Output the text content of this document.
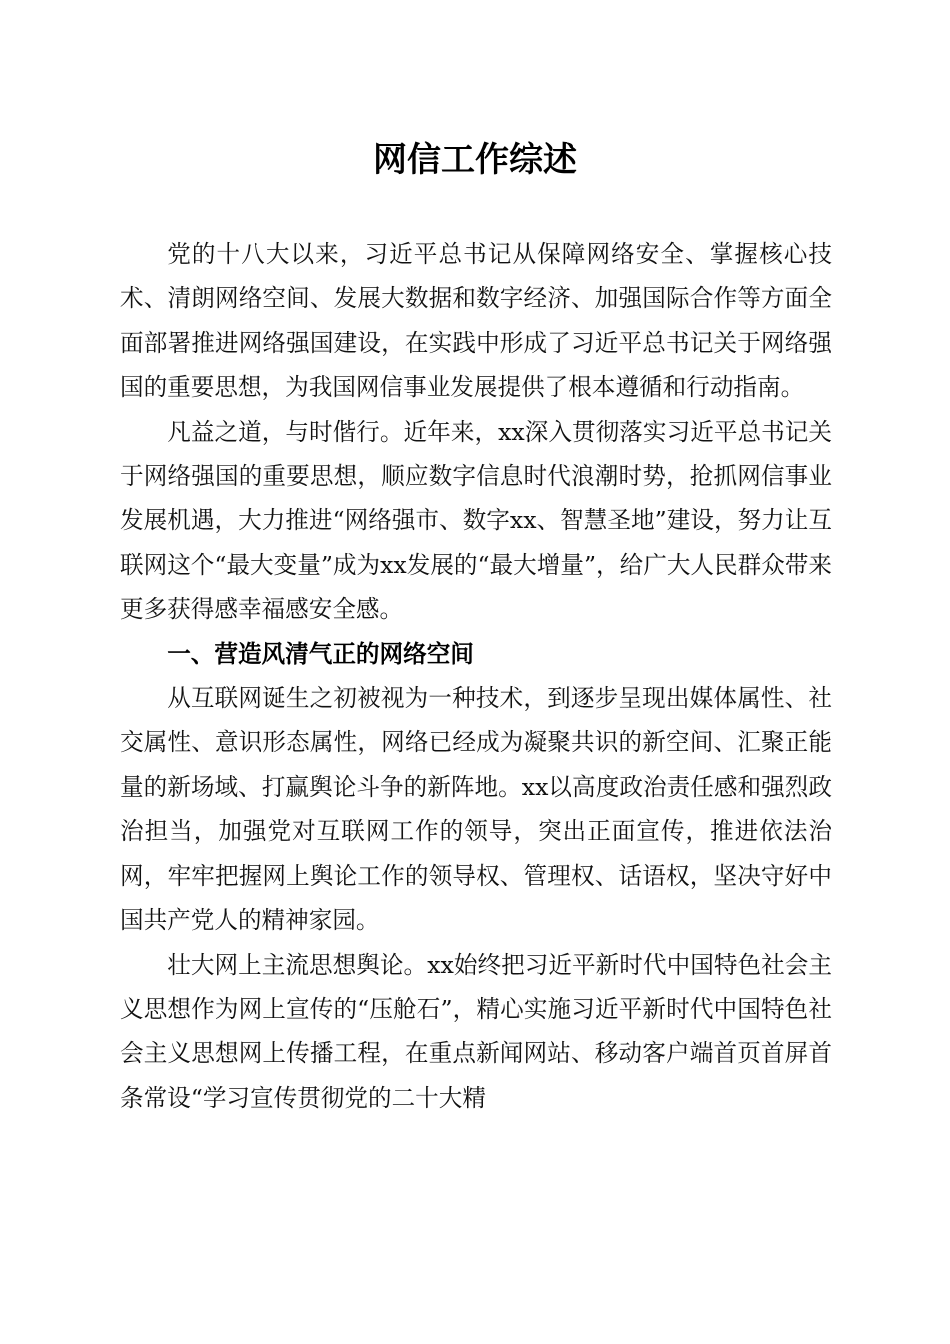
网信工作综述

党的十八大以来，习近平总书记从保障网络安全、掌握核心技术、清朗网络空间、发展大数据和数字经济、加强国际合作等方面全面部署推进网络强国建设，在实践中形成了习近平总书记关于网络强国的重要思想，为我国网信事业发展提供了根本遵循和行动指南。

凡益之道，与时偕行。近年来，xx深入贯彻落实习近平总书记关于网络强国的重要思想，顺应数字信息时代浪潮时势，抢抓网信事业发展机遇，大力推进“网络强市、数字xx、智慧圣地”建设，努力让互联网这个“最大变量”成为xx发展的“最大增量”，给广大人民群众带来更多获得感幸福感安全感。

一、营造风清气正的网络空间

从互联网诞生之初被视为一种技术，到逐步呈现出媒体属性、社交属性、意识形态属性，网络已经成为凝聚共识的新空间、汇聚正能量的新场域、打赢舆论斗争的新阵地。xx以高度政治责任感和强烈政治担当，加强党对互联网工作的领导，突出正面宣传，推进依法治网，牢牢把握网上舆论工作的领导权、管理权、话语权，坚决守好中国共产党人的精神家园。

壮大网上主流思想舆论。xx始终把习近平新时代中国特色社会主义思想作为网上宣传的“压舱石”，精心实施习近平新时代中国特色社会主义思想网上传播工程，在重点新闻网站、移动客户端首页首屏首条常设“学习宣传贯彻党的二十大精
